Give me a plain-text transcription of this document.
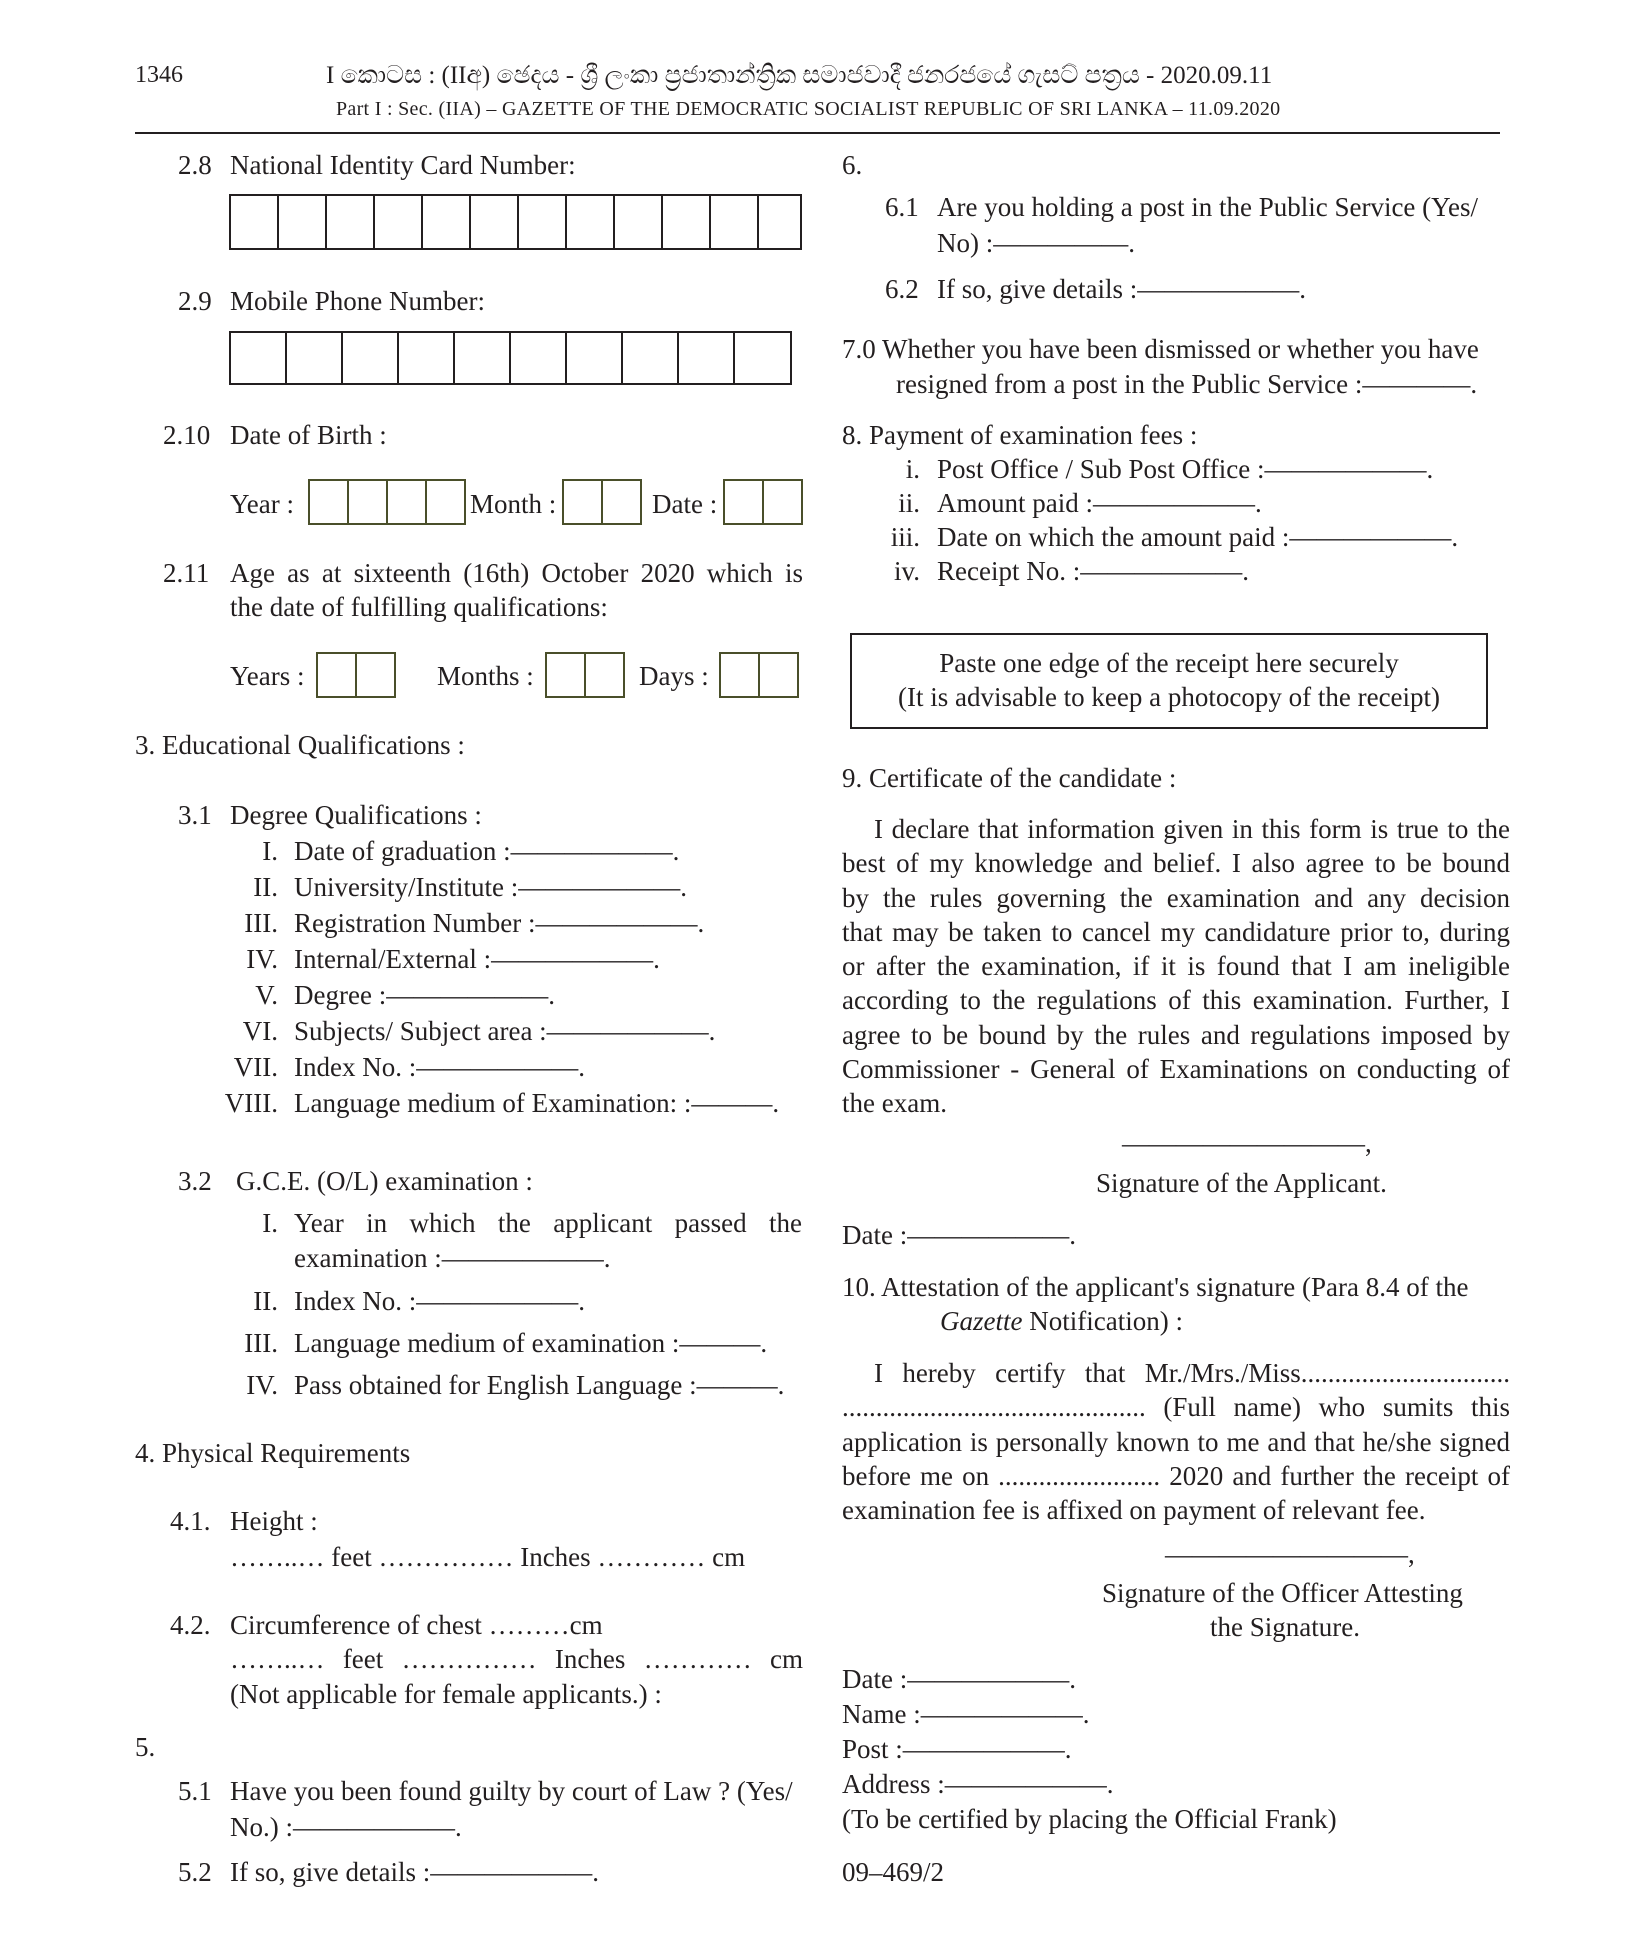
1346	I කොටස : (IIඅ) ඡෙදය - ශ්‍රී ලංකා ප්‍රජාතාන්ත්‍රික සමාජවාදී ජනරජයේ ගැසට් පත්‍රය - 2020.09.11
Part I : Sec. (IIA) – GAZETTE OF THE DEMOCRATIC SOCIALIST REPUBLIC OF SRI LANKA – 11.09.2020
2.8 National Identity Card Number:
2.9 Mobile Phone Number:
2.10 Date of Birth :
Year :	Month :	Date :
2.11 Age as at sixteenth (16th) October 2020 which is
the date of fulfilling qualifications:
Years :	Months :	Days :
3. Educational Qualifications :
3.1 Degree Qualifications :
I. Date of graduation :——————.
II. University/Institute :——————.
III. Registration Number :——————.
IV. Internal/External :——————.
V. Degree :——————.
VI. Subjects/ Subject area :——————.
VII. Index No. :——————.
VIII. Language medium of Examination: :———.
3.2 G.C.E. (O/L) examination :
I. Year in which the applicant passed the
examination :——————.
II. Index No. :——————.
III. Language medium of examination :———.
IV. Pass obtained for English Language :———.
4. Physical Requirements
4.1. Height :
……..… feet …………… Inches ………… cm
4.2. Circumference of chest ………cm
……..… feet …………… Inches ………… cm
(Not applicable for female applicants.) :
5.
5.1 Have you been found guilty by court of Law ? (Yes/
No.) :——————.
5.2 If so, give details :——————.
6.
6.1 Are you holding a post in the Public Service (Yes/
No) :—————.
6.2 If so, give details :——————.
7.0 Whether you have been dismissed or whether you have
resigned from a post in the Public Service :————.
8. Payment of examination fees :
i. Post Office / Sub Post Office :——————.
ii. Amount paid :——————.
iii. Date on which the amount paid :——————.
iv. Receipt No. :——————.
Paste one edge of the receipt here securely
(It is advisable to keep a photocopy of the receipt)
9. Certificate of the candidate :
I declare that information given in this form is true to the
best of my knowledge and belief. I also agree to be bound
by the rules governing the examination and any decision
that may be taken to cancel my candidature prior to, during
or after the examination, if it is found that I am ineligible
according to the regulations of this examination. Further, I
agree to be bound by the rules and regulations imposed by
Commissioner - General of Examinations on conducting of
the exam.
—————————,
Signature of the Applicant.
Date :——————.
10. Attestation of the applicant's signature (Para 8.4 of the
Gazette Notification) :
I hereby certify that Mr./Mrs./Miss...............................
............................................. (Full name) who sumits this
application is personally known to me and that he/she signed
before me on ........................ 2020 and further the receipt of
examination fee is affixed on payment of relevant fee.
—————————,
Signature of the Officer Attesting
the Signature.
Date :——————.
Name :——————.
Post :——————.
Address :——————.
(To be certified by placing the Official Frank)
09–469/2
